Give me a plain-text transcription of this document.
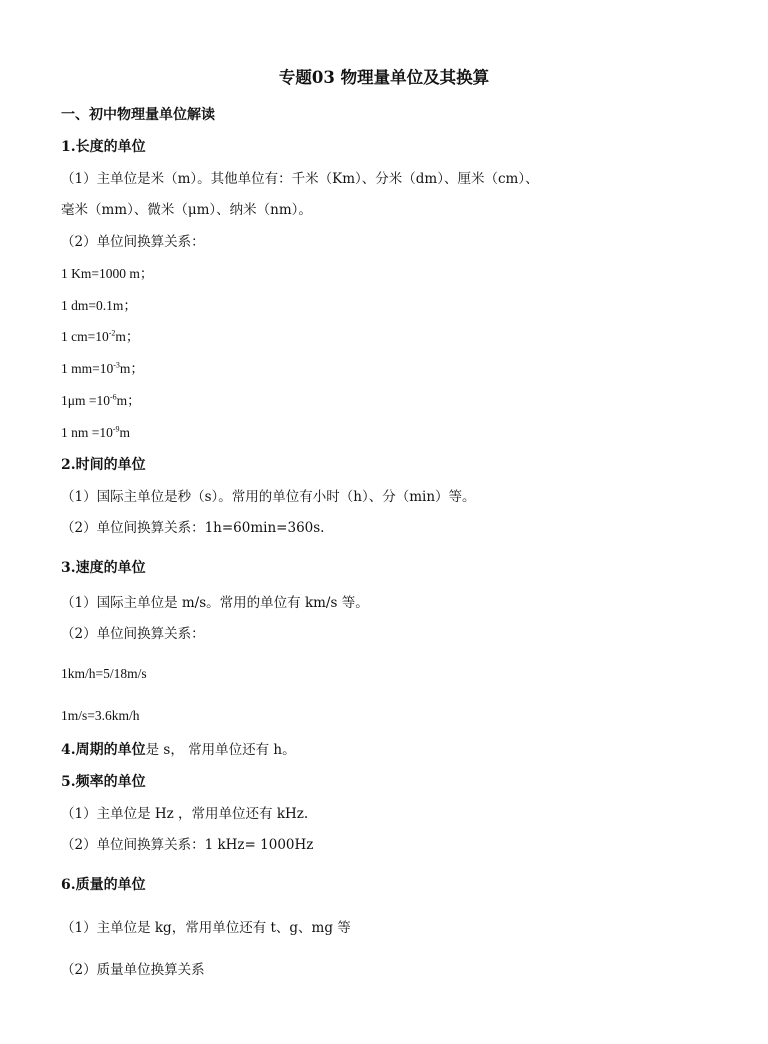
专题03 物理量单位及其换算
一、初中物理量单位解读
1.长度的单位
（1）主单位是米（m）。其他单位有：千米（Km）、分米（dm）、厘米（cm）、
毫米（mm）、微米（μm）、纳米（nm）。
（2）单位间换算关系：
1 Km=1000 m；
1 dm=0.1m；
1 $cm=10^{-2}m$；
1 $mm=10^{-3}m$；
$1\mu m =10^{-6}m$；
1 nm $=10^{-9}m$
2.时间的单位
（1）国际主单位是秒（s）。常用的单位有小时（h）、分（min）等。
（2）单位间换算关系：1h=60min=360s.
3.速度的单位
（1）国际主单位是 m/s。常用的单位有 km/s 等。
（2）单位间换算关系：
1km/h=5/18m/s
1m/s=3.6km/h
4.周期的单位是 s， 常用单位还有 h。
5.频率的单位
（1）主单位是 Hz ，常用单位还有 kHz.
（2）单位间换算关系：1 kHz= 1000Hz
6.质量的单位
（1）主单位是 kg，常用单位还有 t、g、mg 等
（2）质量单位换算关系
